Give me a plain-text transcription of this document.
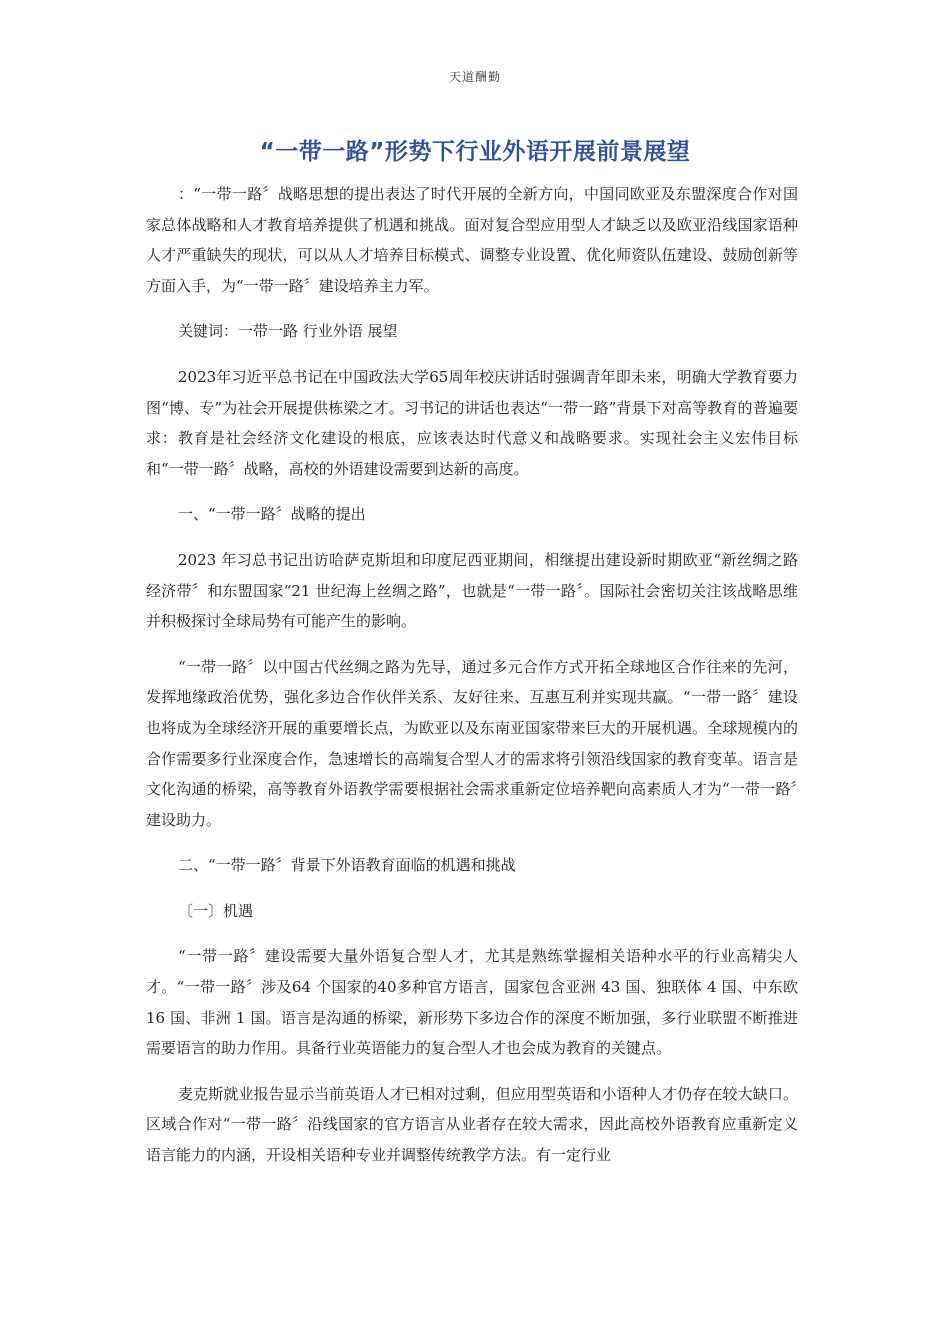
天道酬勤
“一带一路”形势下行业外语开展前景展望

：“一带一路〞战略思想的提出表达了时代开展的全新方向，中国同欧亚及东盟深度合作对国家总体战略和人才教育培养提供了机遇和挑战。面对复合型应用型人才缺乏以及欧亚沿线国家语种人才严重缺失的现状，可以从人才培养目标模式、调整专业设置、优化师资队伍建设、鼓励创新等方面入手，为“一带一路〞建设培养主力军。

关键词：一带一路 行业外语 展望

2023年习近平总书记在中国政法大学65周年校庆讲话时强调青年即未来，明确大学教育要力图“博、专”为社会开展提供栋梁之才。习书记的讲话也表达“一带一路”背景下对高等教育的普遍要求：教育是社会经济文化建设的根底，应该表达时代意义和战略要求。实现社会主义宏伟目标和“一带一路〞战略，高校的外语建设需要到达新的高度。

一、“一带一路〞战略的提出

2023 年习总书记出访哈萨克斯坦和印度尼西亚期间，相继提出建设新时期欧亚“新丝绸之路经济带〞和东盟国家“21 世纪海上丝绸之路”，也就是“一带一路〞。国际社会密切关注该战略思维并积极探讨全球局势有可能产生的影响。

“一带一路〞以中国古代丝绸之路为先导，通过多元合作方式开拓全球地区合作往来的先河，发挥地缘政治优势，强化多边合作伙伴关系、友好往来、互惠互利并实现共赢。“一带一路〞建设也将成为全球经济开展的重要增长点，为欧亚以及东南亚国家带来巨大的开展机遇。全球规模内的合作需要多行业深度合作，急速增长的高端复合型人才的需求将引领沿线国家的教育变革。语言是文化沟通的桥梁，高等教育外语教学需要根据社会需求重新定位培养靶向高素质人才为“一带一路〞建设助力。

二、“一带一路〞背景下外语教育面临的机遇和挑战

〔一〕机遇

“一带一路〞建设需要大量外语复合型人才，尤其是熟练掌握相关语种水平的行业高精尖人才。“一带一路〞涉及64 个国家的40多种官方语言，国家包含亚洲 43 国、独联体 4 国、中东欧 16 国、非洲 1 国。语言是沟通的桥梁，新形势下多边合作的深度不断加强，多行业联盟不断推进需要语言的助力作用。具备行业英语能力的复合型人才也会成为教育的关键点。

麦克斯就业报告显示当前英语人才已相对过剩，但应用型英语和小语种人才仍存在较大缺口。区域合作对“一带一路〞沿线国家的官方语言从业者存在较大需求，因此高校外语教育应重新定义语言能力的内涵，开设相关语种专业并调整传统教学方法。有一定行业
